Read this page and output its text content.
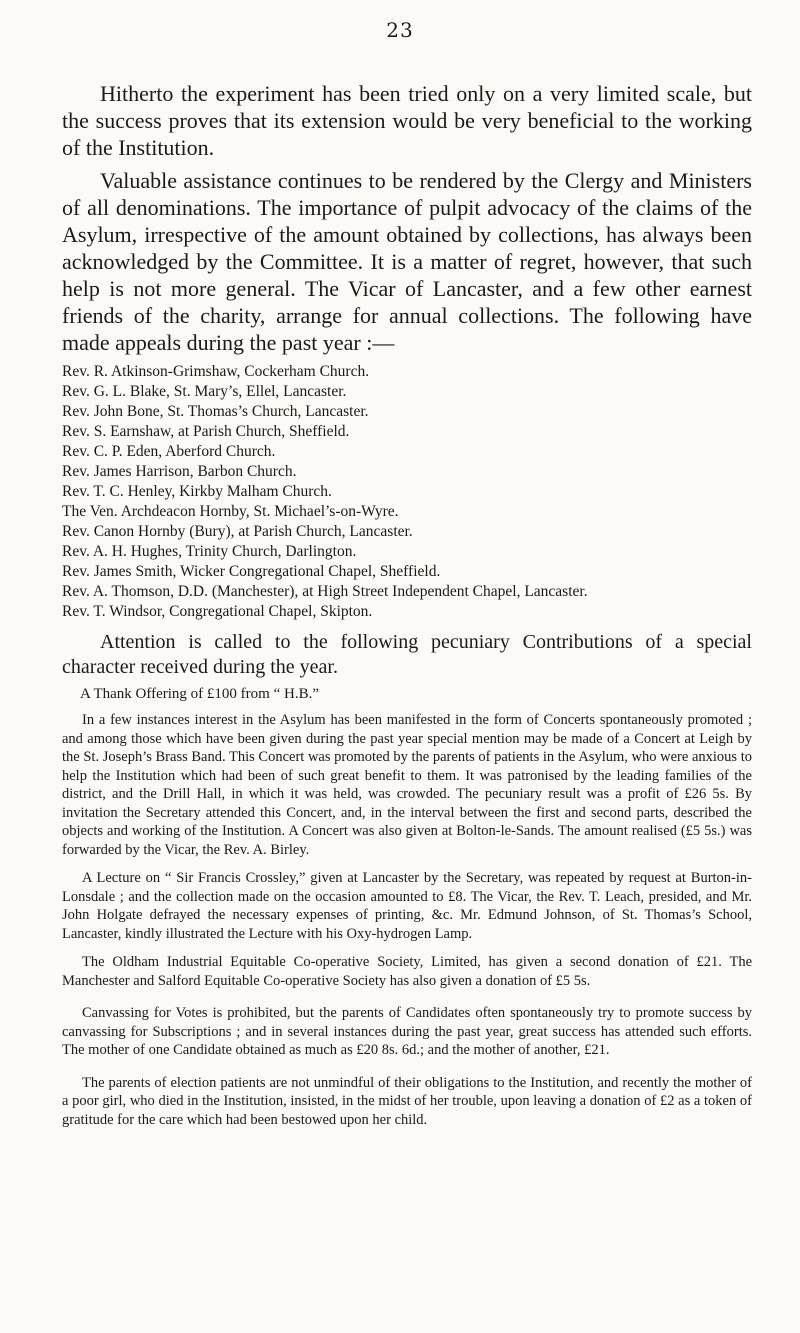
23

Hitherto the experiment has been tried only on a very limited scale, but the success proves that its extension would be very beneficial to the working of the Institution.

Valuable assistance continues to be rendered by the Clergy and Ministers of all denominations. The importance of pulpit advocacy of the claims of the Asylum, irrespective of the amount obtained by collections, has always been acknowledged by the Committee. It is a matter of regret, however, that such help is not more general. The Vicar of Lancaster, and a few other earnest friends of the charity, arrange for annual collections. The following have made appeals during the past year :—

Rev. R. Atkinson-Grimshaw, Cockerham Church.
Rev. G. L. Blake, St. Mary’s, Ellel, Lancaster.
Rev. John Bone, St. Thomas’s Church, Lancaster.
Rev. S. Earnshaw, at Parish Church, Sheffield.
Rev. C. P. Eden, Aberford Church.
Rev. James Harrison, Barbon Church.
Rev. T. C. Henley, Kirkby Malham Church.
The Ven. Archdeacon Hornby, St. Michael’s-on-Wyre.
Rev. Canon Hornby (Bury), at Parish Church, Lancaster.
Rev. A. H. Hughes, Trinity Church, Darlington.
Rev. James Smith, Wicker Congregational Chapel, Sheffield.
Rev. A. Thomson, D.D. (Manchester), at High Street Independent Chapel, Lancaster.
Rev. T. Windsor, Congregational Chapel, Skipton.

Attention is called to the following pecuniary Contributions of a special character received during the year.

A Thank Offering of £100 from “ H.B.”

In a few instances interest in the Asylum has been manifested in the form of Concerts spontaneously promoted ; and among those which have been given during the past year special mention may be made of a Concert at Leigh by the St. Joseph’s Brass Band. This Concert was promoted by the parents of patients in the Asylum, who were anxious to help the Institution which had been of such great benefit to them. It was patronised by the leading families of the district, and the Drill Hall, in which it was held, was crowded. The pecuniary result was a profit of £26 5s. By invitation the Secretary attended this Concert, and, in the interval between the first and second parts, described the objects and working of the Institution. A Concert was also given at Bolton-le-Sands. The amount realised (£5 5s.) was forwarded by the Vicar, the Rev. A. Birley.

A Lecture on “ Sir Francis Crossley,” given at Lancaster by the Secretary, was repeated by request at Burton-in-Lonsdale ; and the collection made on the occasion amounted to £8. The Vicar, the Rev. T. Leach, presided, and Mr. John Holgate defrayed the necessary expenses of printing, &c. Mr. Edmund Johnson, of St. Thomas’s School, Lancaster, kindly illustrated the Lecture with his Oxy-hydrogen Lamp.

The Oldham Industrial Equitable Co-operative Society, Limited, has given a second donation of £21. The Manchester and Salford Equitable Co-operative Society has also given a donation of £5 5s.

Canvassing for Votes is prohibited, but the parents of Candidates often spontaneously try to promote success by canvassing for Subscriptions ; and in several instances during the past year, great success has attended such efforts. The mother of one Candidate obtained as much as £20 8s. 6d.; and the mother of another, £21.

The parents of election patients are not unmindful of their obligations to the Institution, and recently the mother of a poor girl, who died in the Institution, insisted, in the midst of her trouble, upon leaving a donation of £2 as a token of gratitude for the care which had been bestowed upon her child.
